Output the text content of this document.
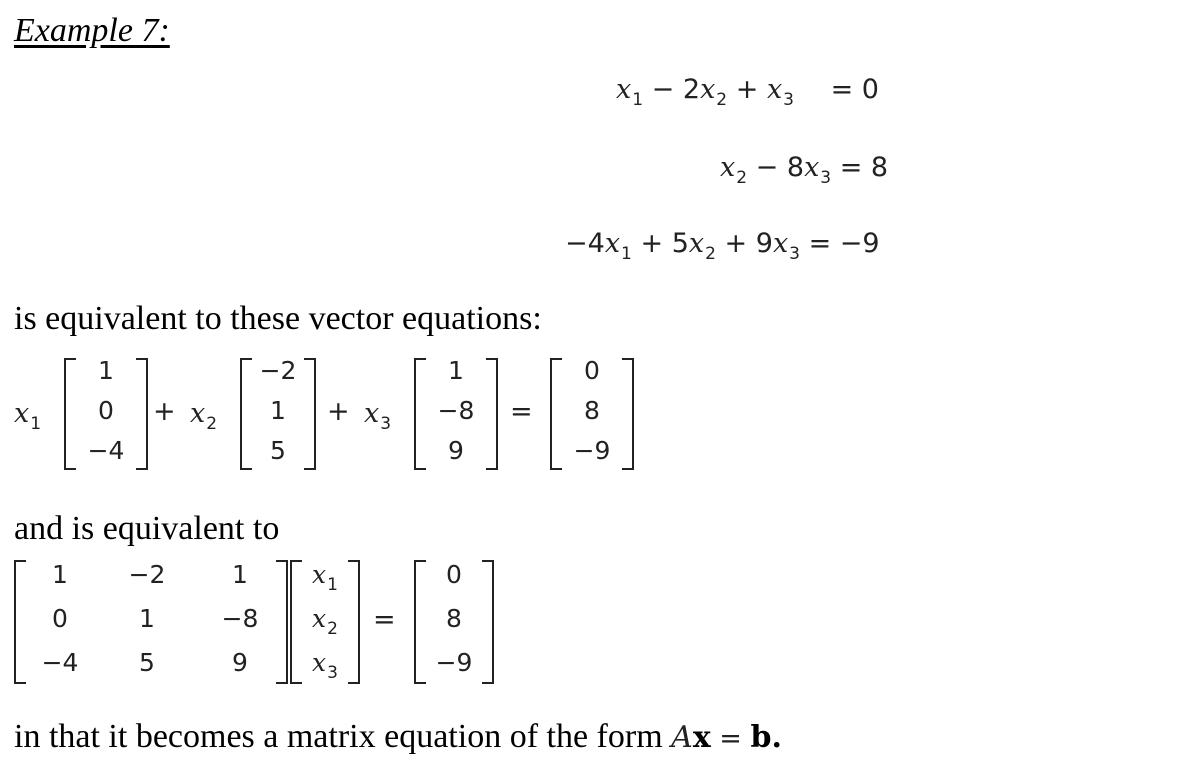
Example 7:
$x_1 - 2x_2 + x_3 = 0$
$x_2 - 8x_3 = 8$
$-4x_1 + 5x_2 + 9x_3 = -9$
is equivalent to these vector equations:
$x_1$
1
0
−4
+ $x_2$
−2
1
5
+ $x_3$
1
−8
9
=
0
8
−9
and is equivalent to
1	−2	1
0	1	−8
−4	5	9
$x_1$
$x_2$
$x_3$
=
0
8
−9
in that it becomes a matrix equation of the form Ax = b.
